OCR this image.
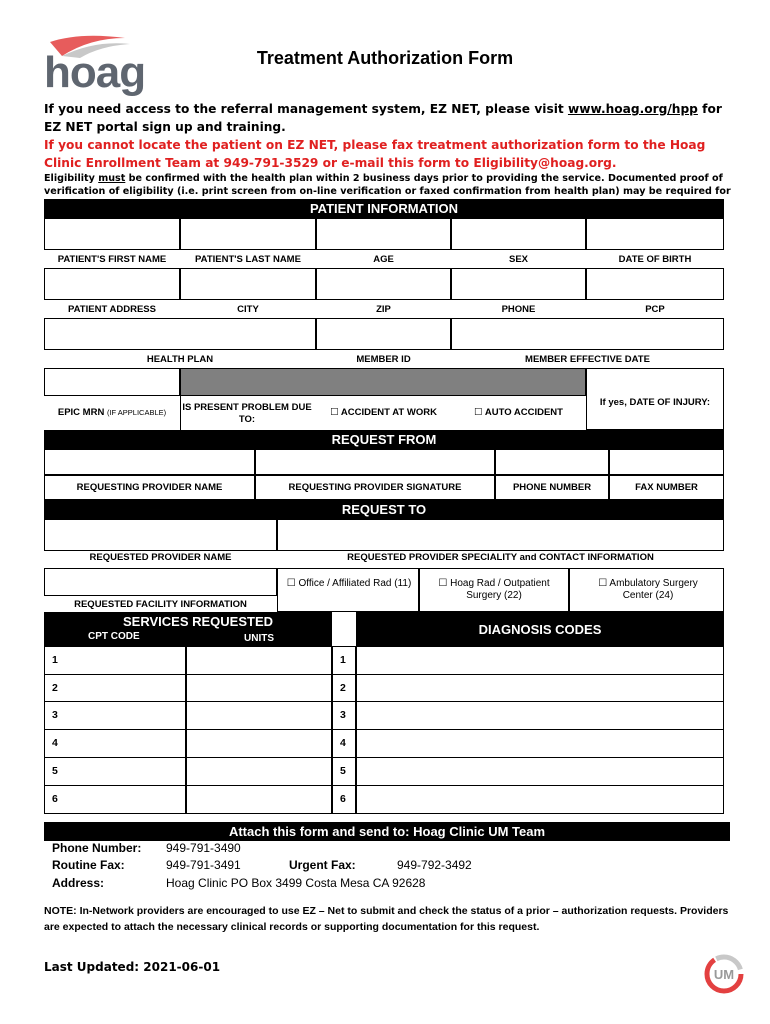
hoag	Treatment Authorization Form
If you need access to the referral management system, EZ NET, please visit www.hoag.org/hpp for EZ NET portal sign up and training.
If you cannot locate the patient on EZ NET, please fax treatment authorization form to the Hoag Clinic Enrollment Team at 949-791-3529 or e-mail this form to Eligibility@hoag.org.
Eligibility must be confirmed with the health plan within 2 business days prior to providing the service. Documented proof of verification of eligibility (i.e. print screen from on-line verification or faxed confirmation from health plan) may be required for
PATIENT INFORMATION
PATIENT'S FIRST NAME	PATIENT'S LAST NAME	AGE	SEX	DATE OF BIRTH
PATIENT ADDRESS	CITY	ZIP	PHONE	PCP
HEALTH PLAN	MEMBER ID	MEMBER EFFECTIVE DATE
EPIC MRN (IF APPLICABLE)	IS PRESENT PROBLEM DUE TO:
☐ ACCIDENT AT WORK	☐ AUTO ACCIDENT
If yes, DATE OF INJURY:
REQUEST FROM
REQUESTING PROVIDER NAME	REQUESTING PROVIDER SIGNATURE	PHONE NUMBER	FAX NUMBER
REQUEST TO
REQUESTED PROVIDER NAME	REQUESTED PROVIDER SPECIALITY and CONTACT INFORMATION
REQUESTED FACILITY INFORMATION
☐ Office / Affiliated Rad (11)	☐ Hoag Rad / Outpatient Surgery (22)
☐ Ambulatory Surgery Center (24)
SERVICES REQUESTED
CPT CODE	UNITS
DIAGNOSIS CODES
1	1
2	2
3	3
4	4
5	5
6	6
Attach this form and send to: Hoag Clinic UM Team
Phone Number: 949-791-3490
Routine Fax:	949-791-3491	Urgent Fax:	949-792-3492
Address:	Hoag Clinic PO Box 3499 Costa Mesa CA 92628
NOTE: In-Network providers are encouraged to use EZ – Net to submit and check the status of a prior – authorization requests. Providers are expected to attach the necessary clinical records or supporting documentation for this request.
Last Updated: 2021-06-01	UM
